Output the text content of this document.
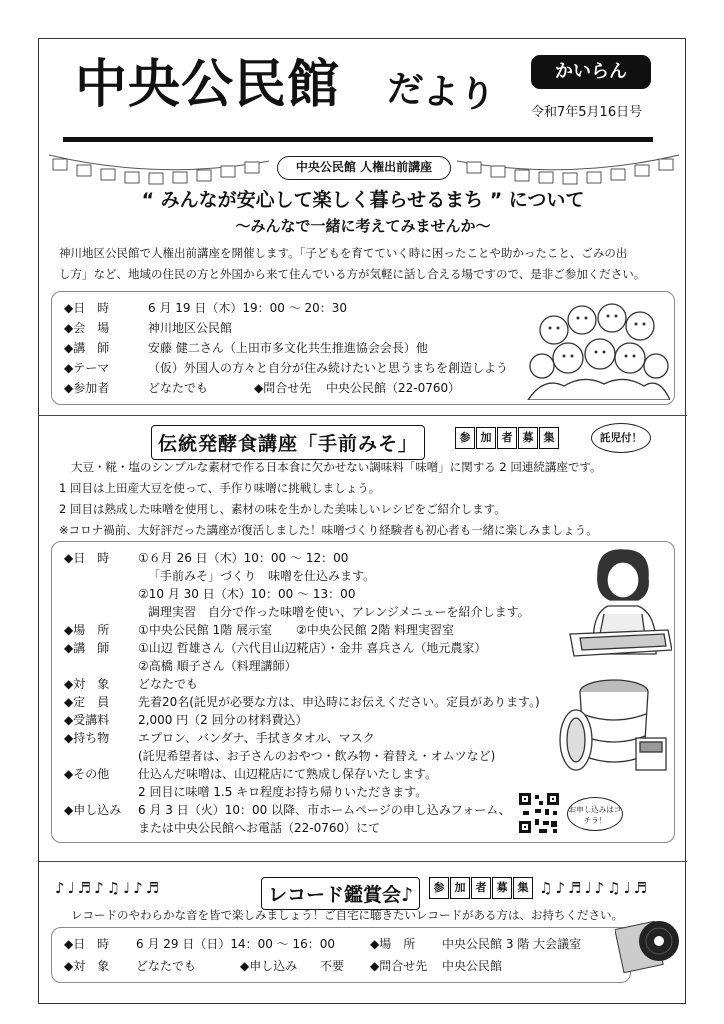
中央公民館 だより	かいらん
令和7年5月16日号
中央公民館 人権出前講座
“ みんなが安心して楽しく暮らせるまち ” について
～みんなで一緒に考えてみませんか～
神川地区公民館で人権出前講座を開催します。「子どもを育てていく時に困ったことや助かったこと、ごみの出
し方」など、地域の住民の方と外国から来て住んでいる方が気軽に話し合える場ですので、是非ご参加ください。
◆日　時	6 月 19 日（木）19：00 ～ 20：30
◆会　場	神川地区公民館
◆講　師	安藤 健二さん（上田市多文化共生推進協会会長）他
◆テーマ	（仮）外国人の方々と自分が住み続けたいと思うまちを創造しよう
◆参加者	どなたでも	◆問合せ先 中央公民館（22-0760）
伝統発酵食講座「手前みそ」	参 加 者 募 集	託児付！
大豆・糀・塩のシンプルな素材で作る日本食に欠かせない調味料「味噌」に関する 2 回連続講座です。
1 回目は上田産大豆を使って、手作り味噌に挑戦しましょう。
2 回目は熟成した味噌を使用し、素材の味を生かした美味しいレシピをご紹介します。
※コロナ禍前、大好評だった講座が復活しました！味噌づくり経験者も初心者も一緒に楽しみましょう。
◆日　時 ①６月 26 日（木）10：00 ～ 12：00
「手前みそ」づくり　味噌を仕込みます。
②10 月 30 日（木）10：00 ～ 13：00
調理実習　自分で作った味噌を使い、アレンジメニューを紹介します。
◆場　所 ①中央公民館 1階 展示室　　②中央公民館 2階 料理実習室
◆講　師 ①山辺 哲雄さん（六代目山辺糀店）・金井 喜兵さん（地元農家）
②高橋 順子さん（料理講師）
◆対　象 どなたでも
◆定　員 先着20名(託児が必要な方は、申込時にお伝えください。定員があります。)
◆受講料 2,000 円（2 回分の材料費込）
◆持ち物 エプロン、バンダナ、手拭きタオル、マスク
(託児希望者は、お子さんのおやつ・飲み物・着替え・オムツなど)
◆その他 仕込んだ味噌は、山辺糀店にて熟成し保存いたします。
2 回目に味噌 1.5 キロ程度お持ち帰りいただきます。
◆申し込み 6 月 3 日（火）10：00 以降、市ホームページの申し込みフォーム、
または中央公民館へお電話（22-0760）にて
お申し込みはコチラ！
♪♩♬♪♫♩♪♬	レコード鑑賞会♪	参 加 者 募 集 ♫♪♬♩♪♫♩♬
レコードのやわらかな音を皆で楽しみましょう！ご自宅に聴きたいレコードがある方は、お持ちください。
◆日　時 6 月 29 日（日）14：00 ～ 16：00	◆場　所 中央公民館 3 階 大会議室
◆対　象 どなたでも	◆申し込み 不要 ◆問合せ先 中央公民館
